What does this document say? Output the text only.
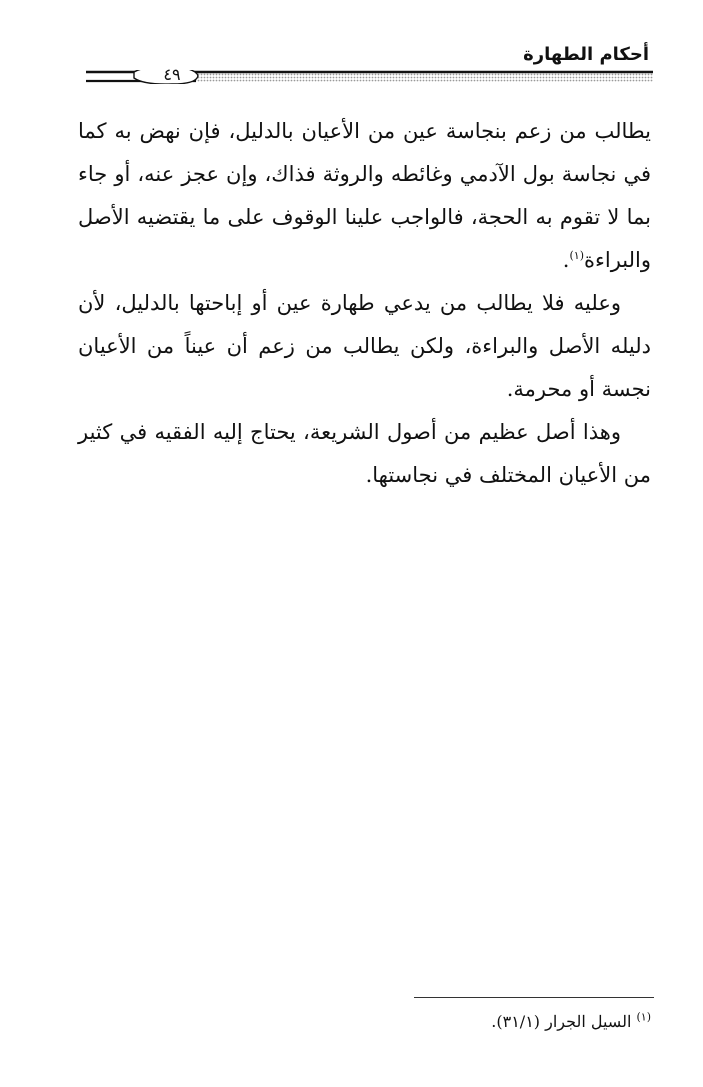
أحكام الطهارة
٤٩

يطالب من زعم بنجاسة عين من الأعيان بالدليل، فإن نهض به كما في نجاسة بول الآدمي وغائطه والروثة فذاك، وإن عجز عنه، أو جاء بما لا تقوم به الحجة، فالواجب علينا الوقوف على ما يقتضيه الأصل والبراءة$^{(١)}$.

وعليه فلا يطالب من يدعي طهارة عين أو إباحتها بالدليل، لأن دليله الأصل والبراءة، ولكن يطالب من زعم أن عيناً من الأعيان نجسة أو محرمة.

وهذا أصل عظيم من أصول الشريعة، يحتاج إليه الفقيه في كثير من الأعيان المختلف في نجاستها.

$^{(١)}$ السيل الجرار (٣١/١).
